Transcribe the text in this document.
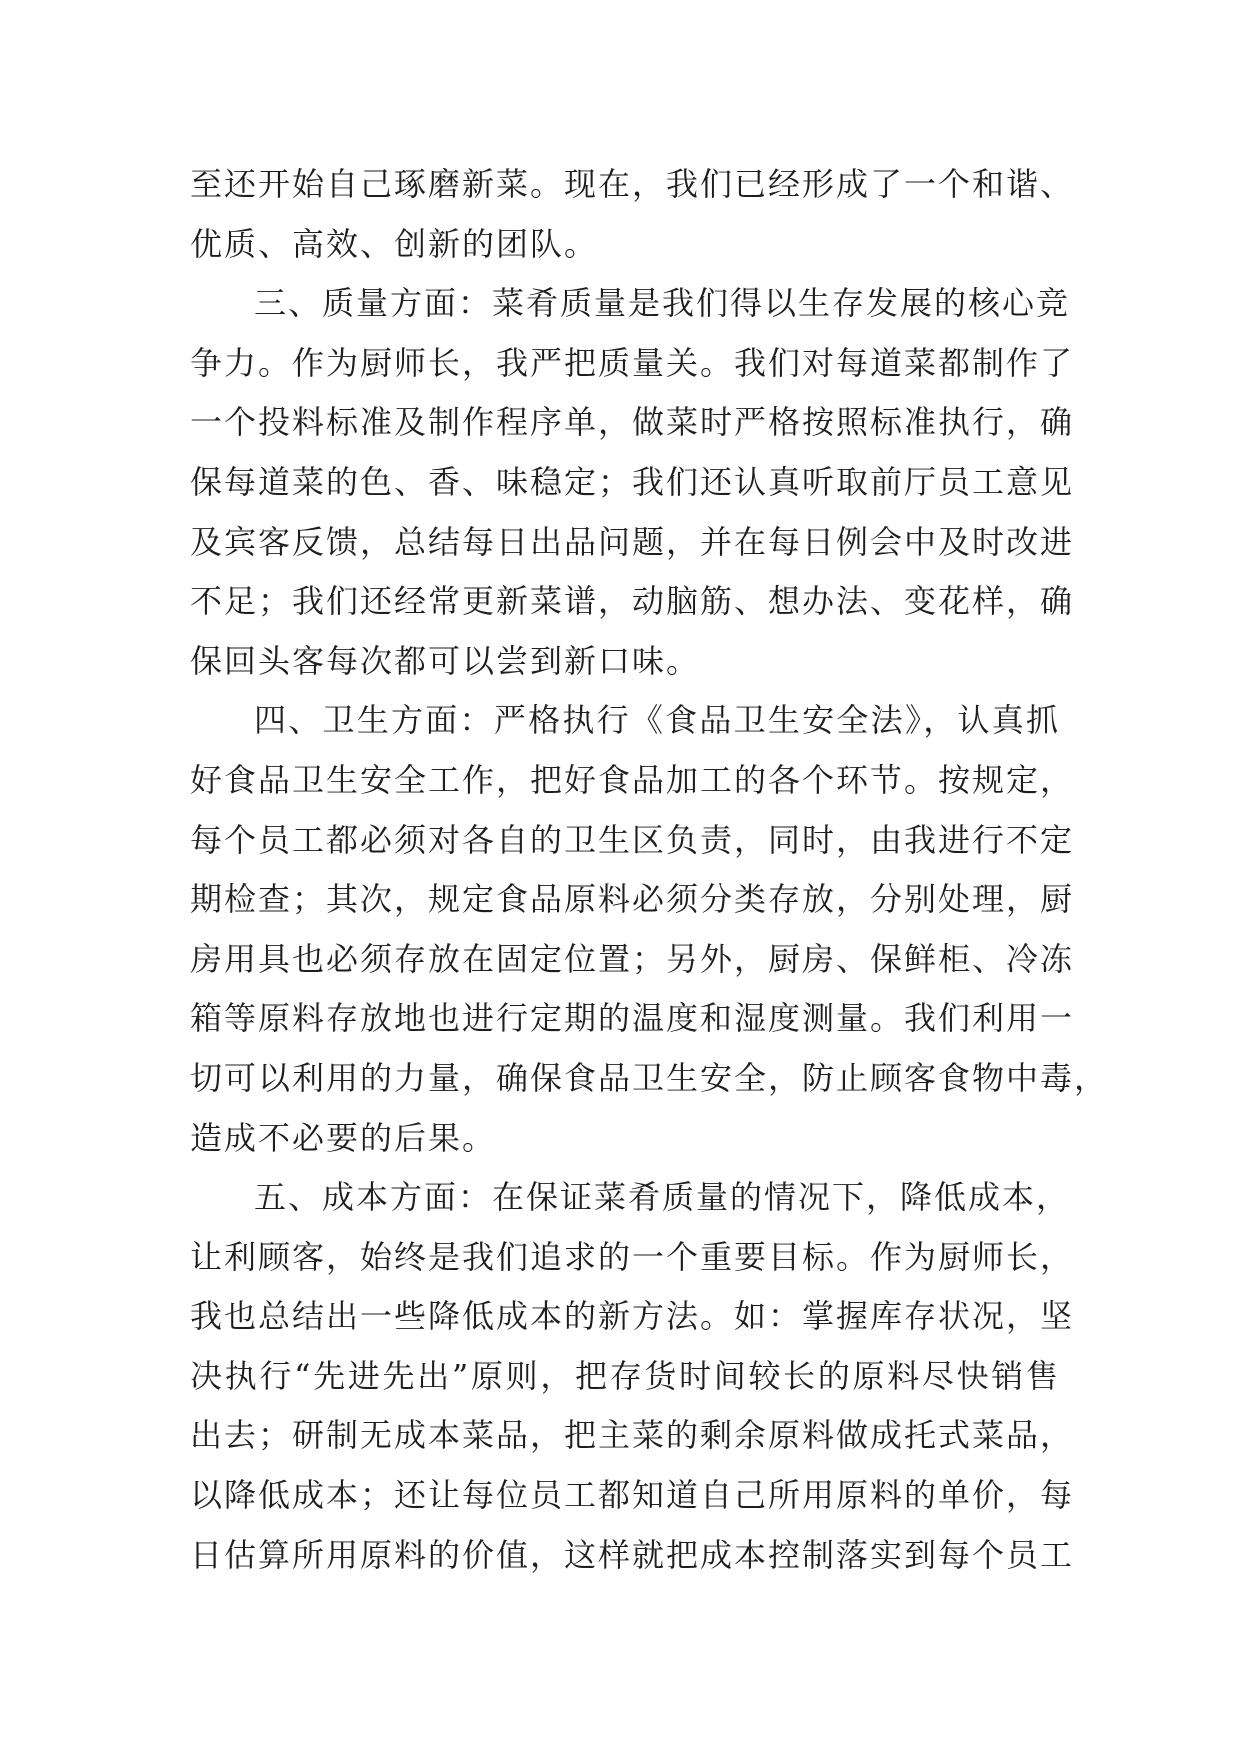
至还开始自己琢磨新菜。现在，我们已经形成了一个和谐、
优质、高效、创新的团队。
三、质量方面：菜肴质量是我们得以生存发展的核心竞
争力。作为厨师长，我严把质量关。我们对每道菜都制作了
一个投料标准及制作程序单，做菜时严格按照标准执行，确
保每道菜的色、香、味稳定；我们还认真听取前厅员工意见
及宾客反馈，总结每日出品问题，并在每日例会中及时改进
不足；我们还经常更新菜谱，动脑筋、想办法、变花样，确
保回头客每次都可以尝到新口味。
四、卫生方面：严格执行《食品卫生安全法》，认真抓
好食品卫生安全工作，把好食品加工的各个环节。按规定，
每个员工都必须对各自的卫生区负责，同时，由我进行不定
期检查；其次，规定食品原料必须分类存放，分别处理，厨
房用具也必须存放在固定位置；另外，厨房、保鲜柜、冷冻
箱等原料存放地也进行定期的温度和湿度测量。我们利用一
切可以利用的力量，确保食品卫生安全，防止顾客食物中毒，
造成不必要的后果。
五、成本方面：在保证菜肴质量的情况下，降低成本，
让利顾客，始终是我们追求的一个重要目标。作为厨师长，
我也总结出一些降低成本的新方法。如：掌握库存状况，坚
决执行“先进先出”原则，把存货时间较长的原料尽快销售
出去；研制无成本菜品，把主菜的剩余原料做成托式菜品，
以降低成本；还让每位员工都知道自己所用原料的单价，每
日估算所用原料的价值，这样就把成本控制落实到每个员工
